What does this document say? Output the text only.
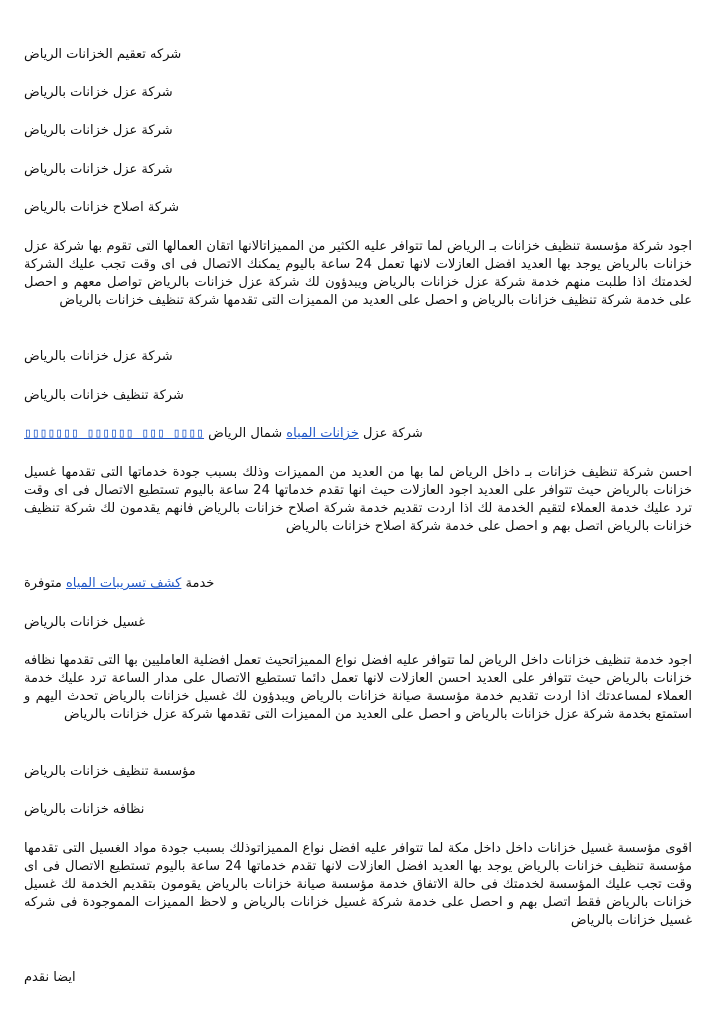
شركه تعقيم الخزانات الرياض

شركة عزل خزانات بالرياض

شركة عزل خزانات بالرياض

شركة عزل خزانات بالرياض

شركة اصلاح خزانات بالرياض

اجود شركة مؤسسة تنظيف خزانات بـ الرياض لما تتوافر عليه الكثير من المميزاتالانها اتقان العمالها التى تقوم بها شركة عزل خزانات بالرياض يوجد بها العديد افضل العازلات لانها تعمل 24 ساعة باليوم يمكنك الاتصال فى اى وقت تجب عليك الشركة لخدمتك اذا طلبت منهم خدمة شركة عزل خزانات بالرياض ويبدؤون لك شركة عزل خزانات بالرياض تواصل معهم و احصل على خدمة شركة تنظيف خزانات بالرياض و احصل على العديد من المميزات التى تقدمها شركة تنظيف خزانات بالرياض

شركة عزل خزانات بالرياض

شركة تنظيف خزانات بالرياض

شركة عزل خزانات المياه شمال الرياض ▯▯▯▯ ▯▯▯ ▯▯▯▯▯▯ ▯▯▯▯▯▯▯

احسن شركة تنظيف خزانات بـ داخل الرياض لما بها من العديد من المميزات وذلك بسبب جودة خدماتها التى تقدمها غسيل خزانات بالرياض حيث تتوافر على العديد اجود العازلات حيث انها تقدم خدماتها 24 ساعة باليوم تستطيع الاتصال فى اى وقت ترد عليك خدمة العملاء لتقيم الخدمة لك اذا اردت تقديم خدمة شركة اصلاح خزانات بالرياض فانهم يقدمون لك شركة تنظيف خزانات بالرياض اتصل بهم و احصل على خدمة شركة اصلاح خزانات بالرياض

خدمة كشف تسريبات المياه متوفرة

غسيل خزانات بالرياض

اجود خدمة تنظيف خزانات داخل الرياض لما تتوافر عليه افضل نواع المميزاتحيث تعمل افضلية العامليين بها التى تقدمها نظافه خزانات بالرياض حيث تتوافر على العديد احسن العازلات لانها تعمل دائما تستطيع الاتصال على مدار الساعة ترد عليك خدمة العملاء لمساعدتك اذا اردت تقديم خدمة مؤسسة صيانة خزانات بالرياض ويبدؤون لك غسيل خزانات بالرياض تحدث اليهم و استمتع بخدمة شركة عزل خزانات بالرياض و احصل على العديد من المميزات التى تقدمها شركة عزل خزانات بالرياض

مؤسسة تنظيف خزانات بالرياض

نظافه خزانات بالرياض

اقوى مؤسسة غسيل خزانات داخل داخل مكة لما تتوافر عليه افضل نواع المميزاتوذلك بسبب جودة مواد الغسيل التى تقدمها مؤسسة تنظيف خزانات بالرياض يوجد بها العديد افضل العازلات لانها تقدم خدماتها 24 ساعة باليوم تستطيع الاتصال فى اى وقت تجب عليك المؤسسة لخدمتك فى حالة الاتفاق خدمة مؤسسة صيانة خزانات بالرياض يقومون بتقديم الخدمة لك غسيل خزانات بالرياض فقط اتصل بهم و احصل على خدمة شركة غسيل خزانات بالرياض و لاحظ المميزات المموجودة فى شركه غسيل خزانات بالرياض

ايضا نقدم
